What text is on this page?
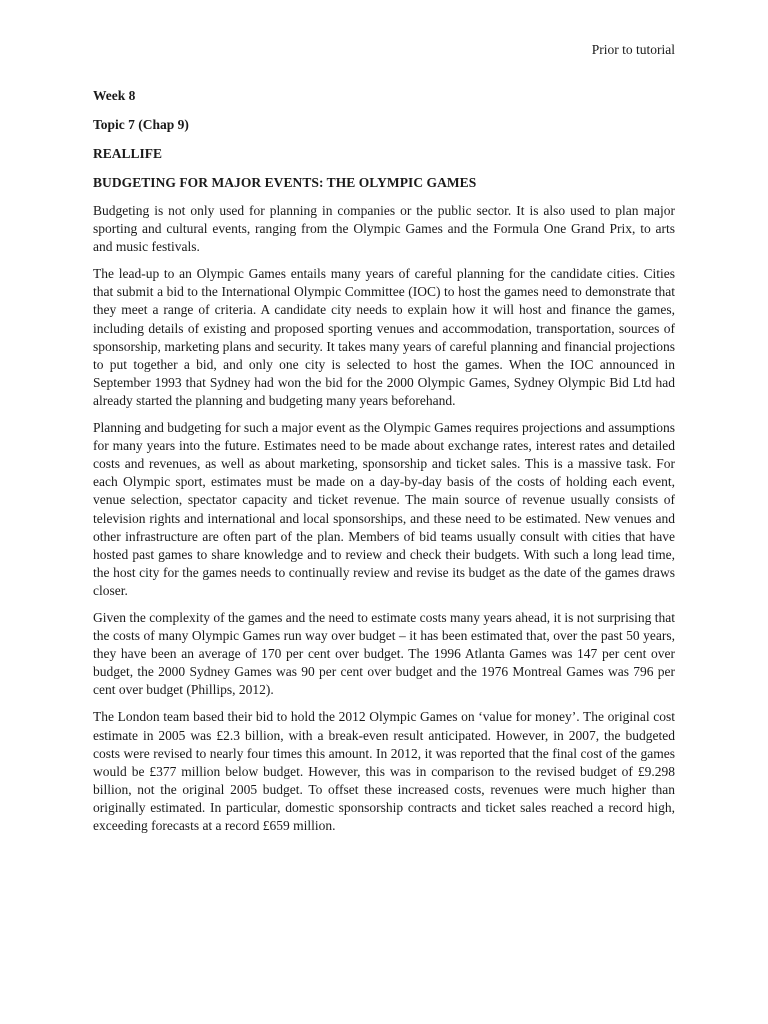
Prior to tutorial
Week 8
Topic 7 (Chap 9)
REALLIFE
BUDGETING FOR MAJOR EVENTS: THE OLYMPIC GAMES

Budgeting is not only used for planning in companies or the public sector. It is also used to plan major sporting and cultural events, ranging from the Olympic Games and the Formula One Grand Prix, to arts and music festivals.

The lead-up to an Olympic Games entails many years of careful planning for the candidate cities. Cities that submit a bid to the International Olympic Committee (IOC) to host the games need to demonstrate that they meet a range of criteria. A candidate city needs to explain how it will host and finance the games, including details of existing and proposed sporting venues and accommodation, transportation, sources of sponsorship, marketing plans and security. It takes many years of careful planning and financial projections to put together a bid, and only one city is selected to host the games. When the IOC announced in September 1993 that Sydney had won the bid for the 2000 Olympic Games, Sydney Olympic Bid Ltd had already started the planning and budgeting many years beforehand.

Planning and budgeting for such a major event as the Olympic Games requires projections and assumptions for many years into the future. Estimates need to be made about exchange rates, interest rates and detailed costs and revenues, as well as about marketing, sponsorship and ticket sales. This is a massive task. For each Olympic sport, estimates must be made on a day-by-day basis of the costs of holding each event, venue selection, spectator capacity and ticket revenue. The main source of revenue usually consists of television rights and international and local sponsorships, and these need to be estimated. New venues and other infrastructure are often part of the plan. Members of bid teams usually consult with cities that have hosted past games to share knowledge and to review and check their budgets. With such a long lead time, the host city for the games needs to continually review and revise its budget as the date of the games draws closer.

Given the complexity of the games and the need to estimate costs many years ahead, it is not surprising that the costs of many Olympic Games run way over budget – it has been estimated that, over the past 50 years, they have been an average of 170 per cent over budget. The 1996 Atlanta Games was 147 per cent over budget, the 2000 Sydney Games was 90 per cent over budget and the 1976 Montreal Games was 796 per cent over budget (Phillips, 2012).

The London team based their bid to hold the 2012 Olympic Games on ‘value for money’. The original cost estimate in 2005 was £2.3 billion, with a break-even result anticipated. However, in 2007, the budgeted costs were revised to nearly four times this amount. In 2012, it was reported that the final cost of the games would be £377 million below budget. However, this was in comparison to the revised budget of £9.298 billion, not the original 2005 budget. To offset these increased costs, revenues were much higher than originally estimated. In particular, domestic sponsorship contracts and ticket sales reached a record high, exceeding forecasts at a record £659 million.
